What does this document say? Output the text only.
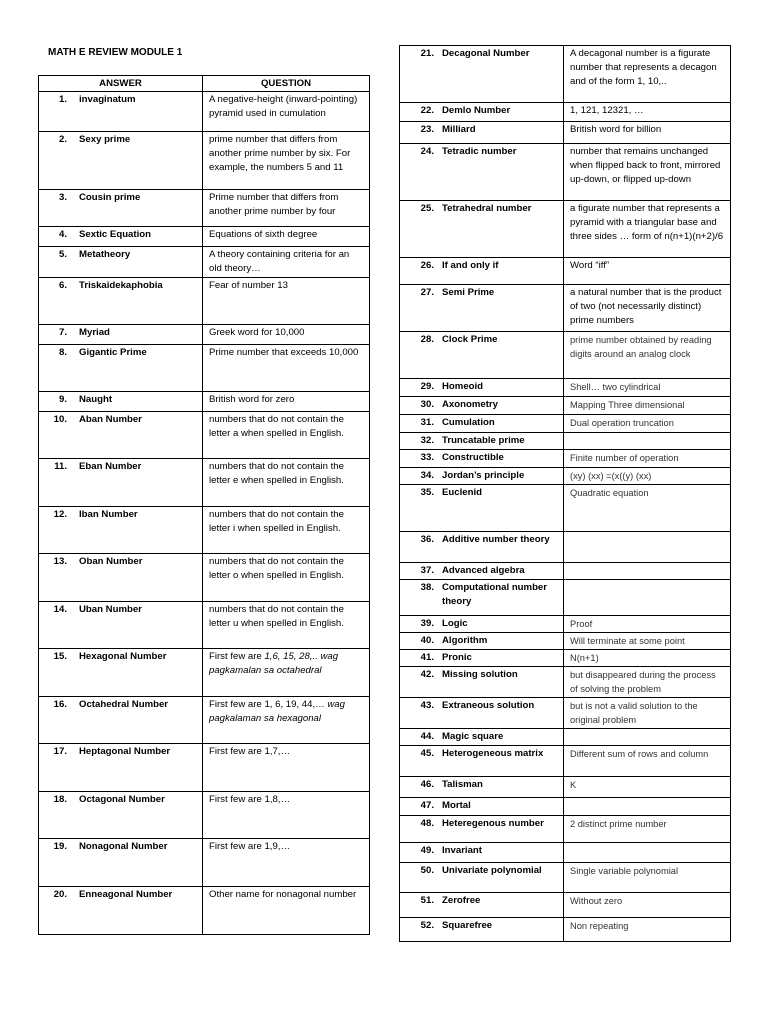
MATH E REVIEW MODULE 1
ANSWER	QUESTION

1. invaginatum	A negative-height (inward-pointing) pyramid used in cumulation

2. Sexy prime	prime number that differs from another prime number by six. For example, the numbers 5 and 11

3. Cousin prime	Prime number that differs from another prime number by four

4. Sextic Equation	Equations of sixth degree

5. Metatheory	A theory containing criteria for an old theory…

6. Triskaidekaphobia	Fear of number 13

7. Myriad	Greek word for 10,000

8. Gigantic Prime	Prime number that exceeds 10,000

9. Naught	British word for zero

10. Aban Number	numbers that do not contain the letter a when spelled in English.

11. Eban Number	numbers that do not contain the letter e when spelled in English.

12. Iban Number	numbers that do not contain the letter i when spelled in English.

13. Oban Number	numbers that do not contain the letter o when spelled in English.

14. Uban Number	numbers that do not contain the letter u when spelled in English.

15. Hexagonal Number	First few are 1,6, 15, 28,.. wag pagkamalan sa octahedral

16. Octahedral Number	First few are 1, 6, 19, 44,… wag pagkalaman sa hexagonal

17. Heptagonal Number	First few are 1,7,…

18. Octagonal Number	First few are 1,8,…

19. Nonagonal Number	First few are 1,9,…

20. Enneagonal Number	Other name for nonagonal number
21. Decagonal Number	A decagonal number is a figurate number that represents a decagon and of the form 1, 10,..

22. Demlo Number	1, 121, 12321, …

23. Milliard	British word for billion

24. Tetradic number	number that remains unchanged when flipped back to front, mirrored up-down, or flipped up-down

25. Tetrahedral number	a figurate number that represents a pyramid with a triangular base and three sides … form of n(n+1)(n+2)/6

26. If and only if	Word “iff”

27. Semi Prime	a natural number that is the product of two (not necessarily distinct) prime numbers

28. Clock Prime	prime number obtained by reading digits around an analog clock

29. Homeoid	Shell… two cylindrical

30. Axonometry	Mapping Three dimensional

31. Cumulation	Dual operation truncation

32. Truncatable prime	

33. Constructible	Finite number of operation

34. Jordan’s principle	(xy) (xx) =(x((y) (xx)

35. Euclenid	Quadratic equation

36. Additive number theory	

37. Advanced algebra	

38. Computational number theory	

39. Logic	Proof

40. Algorithm	Will terminate at some point

41. Pronic	N(n+1)

42. Missing solution	but disappeared during the process of solving the problem

43. Extraneous solution	but is not a valid solution to the original problem

44. Magic square	

45. Heterogeneous matrix	Different sum of rows and column

46. Talisman	K

47. Mortal	

48. Heteregenous number	2 distinct prime number

49. Invariant	

50. Univariate polynomial	Single variable polynomial

51. Zerofree	Without zero

52. Squarefree	Non repeating
